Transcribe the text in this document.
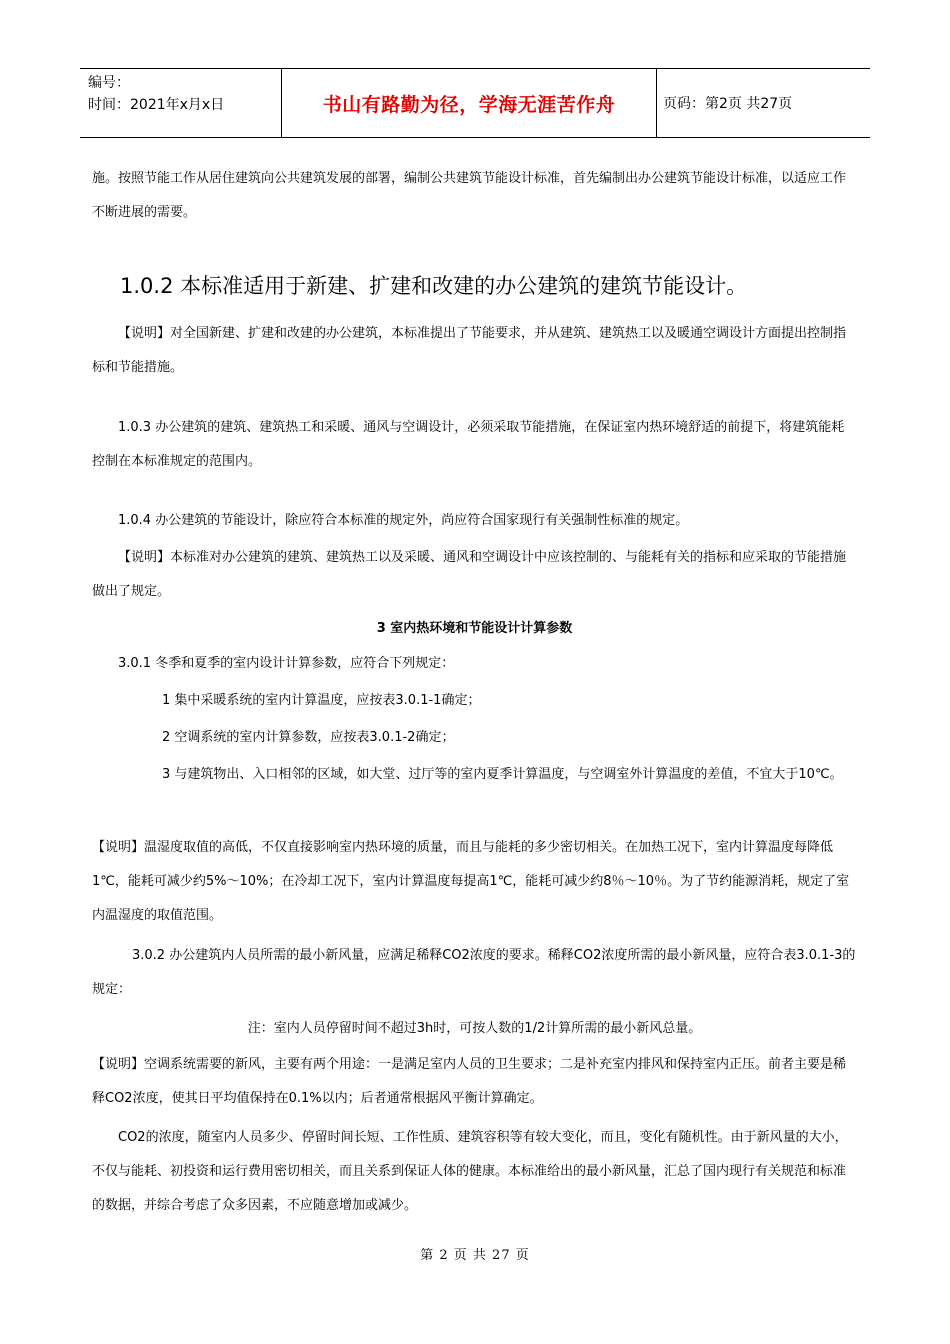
编号：
时间：2021年x月x日	书山有路勤为径，学海无涯苦作舟	页码：第2页 共27页

施。按照节能工作从居住建筑向公共建筑发展的部署，编制公共建筑节能设计标准，首先编制出办公建筑节能设计标准，以适应工作不断进展的需要。

1.0.2 本标准适用于新建、扩建和改建的办公建筑的建筑节能设计。

【说明】对全国新建、扩建和改建的办公建筑，本标准提出了节能要求，并从建筑、建筑热工以及暖通空调设计方面提出控制指标和节能措施。

1.0.3 办公建筑的建筑、建筑热工和采暖、通风与空调设计，必须采取节能措施，在保证室内热环境舒适的前提下，将建筑能耗控制在本标准规定的范围内。

1.0.4 办公建筑的节能设计，除应符合本标准的规定外，尚应符合国家现行有关强制性标准的规定。

【说明】本标准对办公建筑的建筑、建筑热工以及采暖、通风和空调设计中应该控制的、与能耗有关的指标和应采取的节能措施做出了规定。

3 室内热环境和节能设计计算参数

3.0.1 冬季和夏季的室内设计计算参数，应符合下列规定：

1 集中采暖系统的室内计算温度，应按表3.0.1-1确定；

2 空调系统的室内计算参数，应按表3.0.1-2确定；

3 与建筑物出、入口相邻的区域，如大堂、过厅等的室内夏季计算温度，与空调室外计算温度的差值，不宜大于10℃。

【说明】温湿度取值的高低，不仅直接影响室内热环境的质量，而且与能耗的多少密切相关。在加热工况下，室内计算温度每降低1℃，能耗可减少约5%～10%；在冷却工况下，室内计算温度每提高1℃，能耗可减少约8％～10％。为了节约能源消耗，规定了室内温湿度的取值范围。

3.0.2 办公建筑内人员所需的最小新风量，应满足稀释CO2浓度的要求。稀释CO2浓度所需的最小新风量，应符合表3.0.1-3的规定：

注：室内人员停留时间不超过3h时，可按人数的1/2计算所需的最小新风总量。

【说明】空调系统需要的新风，主要有两个用途：一是满足室内人员的卫生要求；二是补充室内排风和保持室内正压。前者主要是稀释CO2浓度，使其日平均值保持在0.1%以内；后者通常根据风平衡计算确定。

CO2的浓度，随室内人员多少、停留时间长短、工作性质、建筑容积等有较大变化，而且，变化有随机性。由于新风量的大小，不仅与能耗、初投资和运行费用密切相关，而且关系到保证人体的健康。本标准给出的最小新风量，汇总了国内现行有关规范和标准的数据，并综合考虑了众多因素，不应随意增加或减少。

第 2 页 共 27 页
